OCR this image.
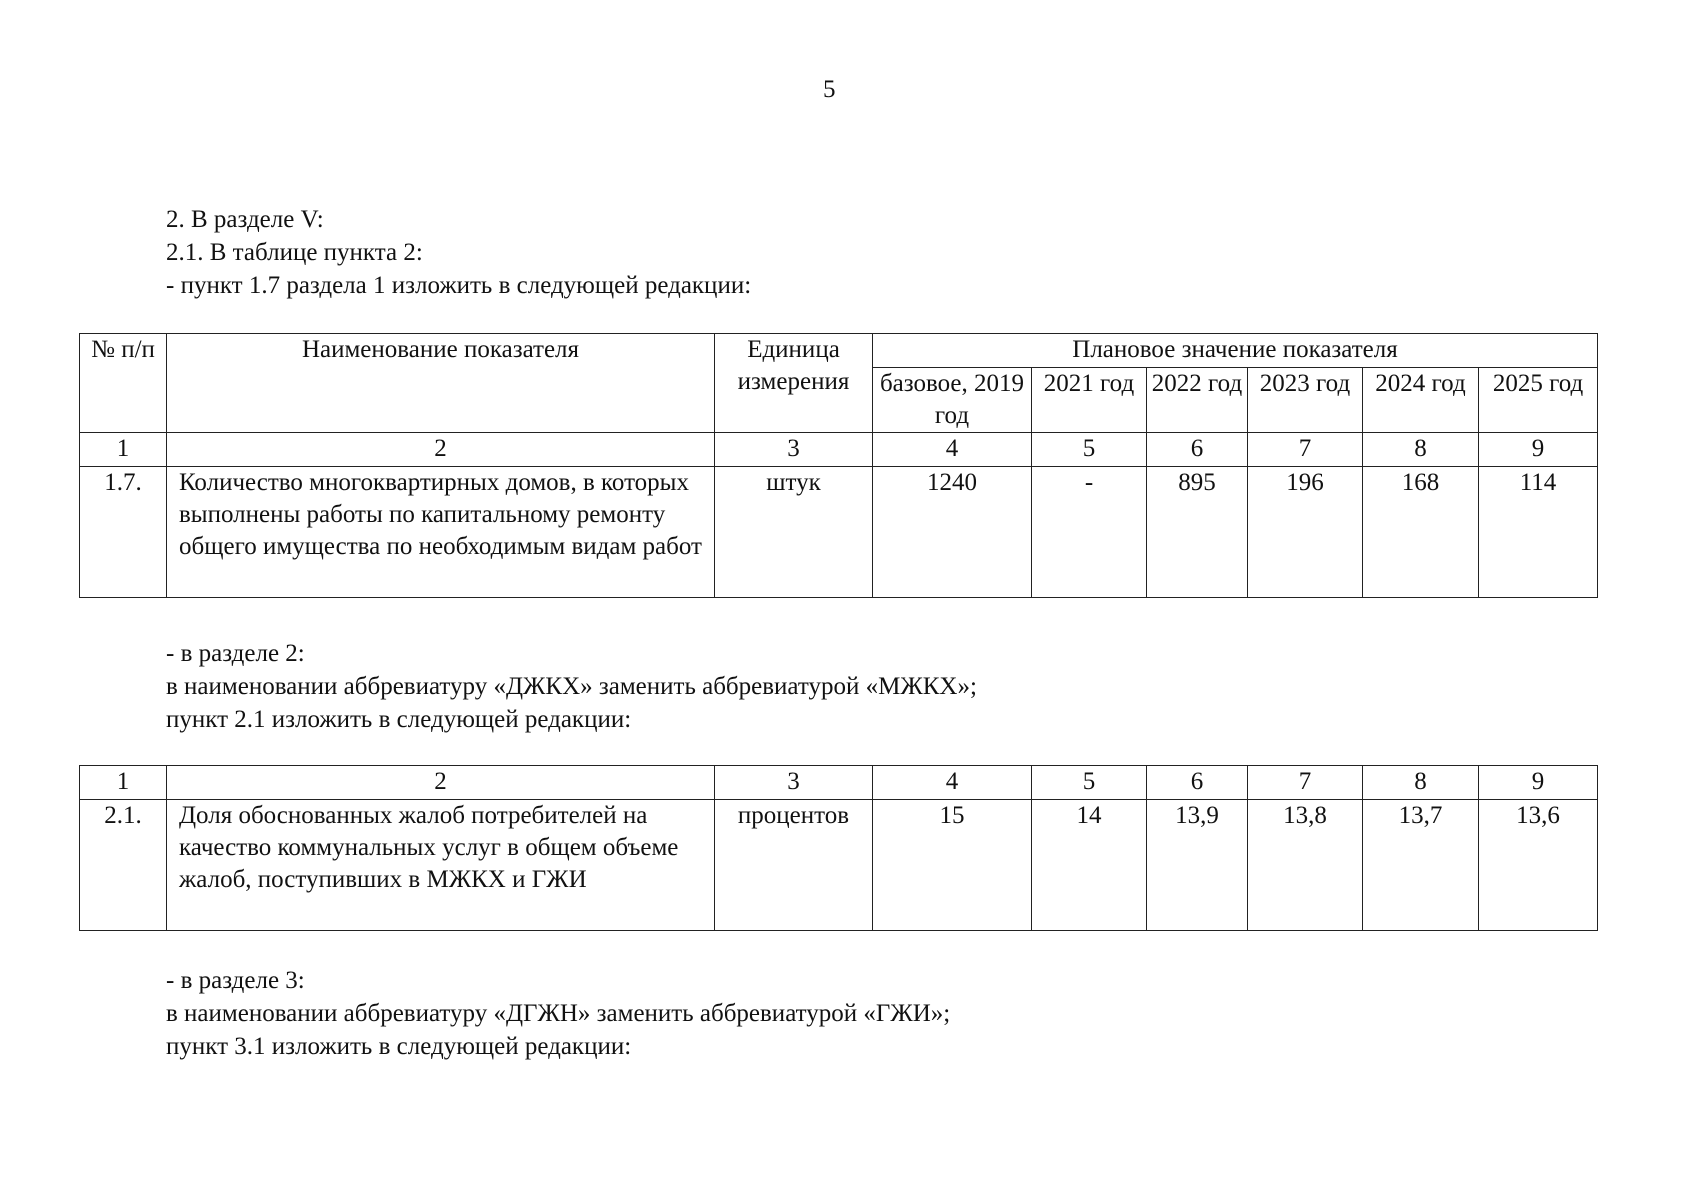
5
2. В разделе V:
2.1. В таблице пункта 2:
- пункт 1.7 раздела 1 изложить в следующей редакции:
№ п/п	Наименование показателя	Единица измерения	Плановое значение показателя					
			базовое, 2019 год	2021 год	2022 год	2023 год	2024 год	2025 год
1	2	3	4	5	6	7	8	9
1.7.	Количество многоквартирных домов, в которых выполнены работы по капитальному ремонту общего имущества по необходимым видам работ	штук	1240	-	895	196	168	114
- в разделе 2:
в наименовании аббревиатуру «ДЖКХ» заменить аббревиатурой «МЖКХ»;
пункт 2.1 изложить в следующей редакции:
1	2	3	4	5	6	7	8	9
2.1.	Доля обоснованных жалоб потребителей на качество коммунальных услуг в общем объеме жалоб, поступивших в МЖКХ и ГЖИ	процентов	15	14	13,9	13,8	13,7	13,6
- в разделе 3:
в наименовании аббревиатуру «ДГЖН» заменить аббревиатурой «ГЖИ»;
пункт 3.1 изложить в следующей редакции:
